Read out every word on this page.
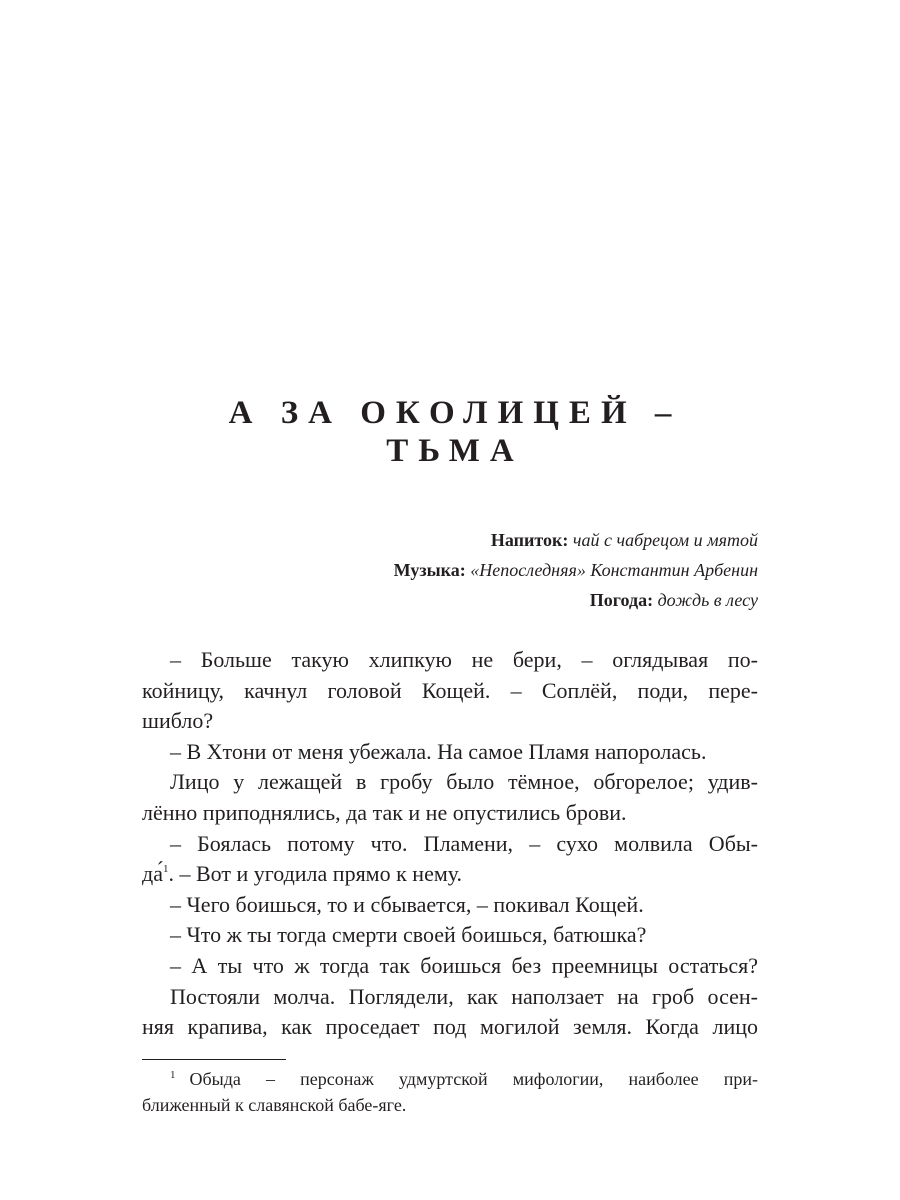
А ЗА ОКОЛИЦЕЙ –
ТЬМА
Напиток: чай с чабрецом и мятой
Музыка: «Непоследняя» Константин Арбенин
Погода: дождь в лесу

– Больше такую хлипкую не бери, – оглядывая по-
койницу, качнул головой Кощей. – Соплёй, поди, пере-
шибло?

– В Хтони от меня убежала. На самое Пламя напоролась.

Лицо у лежащей в гробу было тёмное, обгорелое; удив-
лённо приподнялись, да так и не опустились брови.

– Боялась потому что. Пламени, – сухо молвила Обы-
да́$^1$. – Вот и угодила прямо к нему.

– Чего боишься, то и сбывается, – покивал Кощей.

– Что ж ты тогда смерти своей боишься, батюшка?

– А ты что ж тогда так боишься без преемницы остаться?

Постояли молча. Поглядели, как наползает на гроб осен-
няя крапива, как проседает под могилой земля. Когда лицо

$^1$ Обыда – персонаж удмуртской мифологии, наиболее при-
ближенный к славянской бабе-яге.
